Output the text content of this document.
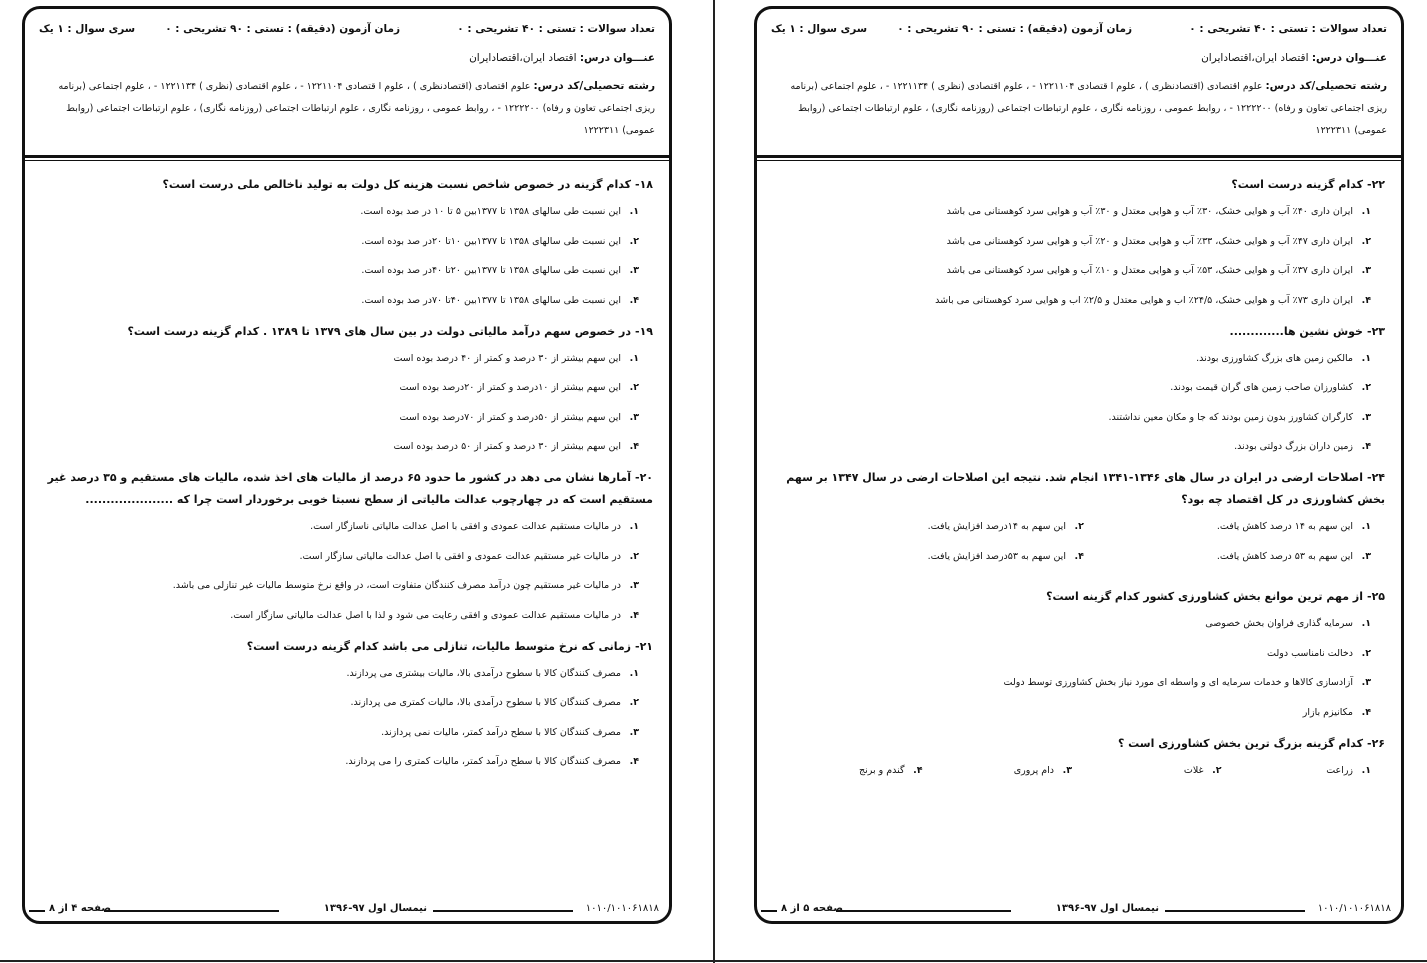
تعداد سوالات : تستی : ۴۰ تشریحی : ۰
زمان آزمون (دقیقه) : تستی : ۹۰ تشریحی : ۰
سری سوال : ۱ یک
عنـــوان درس: اقتصاد ایران،اقتصادایران
رشته تحصیلی/کد درس: علوم اقتصادی (اقتصادنظری ) ، علوم ا قتصادی ۱۲۲۱۱۰۴ - ، علوم اقتصادی (نظری ) ۱۲۲۱۱۳۴ - ، علوم اجتماعی (برنامه ریزی اجتماعی تعاون و رفاه) ۱۲۲۲۲۰۰ - ، روابط عمومی ، روزنامه نگاری ، علوم ارتباطات اجتماعی (روزنامه نگاری) ، علوم ارتباطات اجتماعی (روابط عمومی) ۱۲۲۲۳۱۱
۱۸-کدام گزینه در خصوص شاخص نسبت هزینه کل دولت به تولید ناخالص ملی درست است؟
۱.این نسبت طی سالهای ۱۳۵۸ تا ۱۳۷۷بین ۵ تا ۱۰ در صد بوده است.
۲.این نسبت طی سالهای ۱۳۵۸ تا ۱۳۷۷بین ۱۰تا ۲۰در صد بوده است.
۳.این نسبت طی سالهای ۱۳۵۸ تا ۱۳۷۷بین ۲۰تا ۴۰در صد بوده است.
۴.این نسبت طی سالهای ۱۳۵۸ تا ۱۳۷۷بین ۴۰تا ۷۰در صد بوده است.
۱۹-در خصوص سهم درآمد مالیاتی دولت در بین سال های ۱۳۷۹ تا ۱۳۸۹ . کدام گزینه درست است؟
۱.این سهم بیشتر از ۳۰ درصد و کمتر از ۴۰ درصد بوده است
۲.این سهم بیشتر از ۱۰درصد و کمتر از ۲۰درصد بوده است
۳.این سهم بیشتر از ۵۰درصد و کمتر از ۷۰درصد بوده است
۴.این سهم بیشتر از ۳۰ درصد و کمتر از ۵۰ درصد بوده است
۲۰-آمارها نشان می دهد در کشور ما حدود ۶۵ درصد از مالیات های اخذ شده، مالیات های مستقیم و ۳۵ درصد غیر مستقیم است که در چهارچوب عدالت مالیاتی از سطح نسبتا خوبی برخوردار است چرا که .....................
۱.در مالیات مستقیم عدالت عمودی و افقی با اصل عدالت مالیاتی ناسازگار است.
۲.در مالیات غیر مستقیم عدالت عمودی و افقی با اصل عدالت مالیاتی سازگار است.
۳.در مالیات غیر مستقیم چون درآمد مصرف کنندگان متفاوت است، در واقع نرخ متوسط مالیات غیر تنازلی می باشد.
۴.در مالیات مستقیم عدالت عمودی و افقی رعایت می شود و لذا با اصل عدالت مالیاتی سازگار است.
۲۱-زمانی که نرخ متوسط مالیات، تنازلی می باشد کدام گزینه درست است؟
۱.مصرف کنندگان کالا با سطوح درآمدی بالا، مالیات بیشتری می پردازند.
۲.مصرف کنندگان کالا با سطوح درآمدی بالا، مالیات کمتری می پردازند.
۳.مصرف کنندگان کالا با سطح درآمد کمتر، مالیات نمی پردازند.
۴.مصرف کنندگان کالا با سطح درآمد کمتر، مالیات کمتری را می پردازند.
۱۰۱۰/۱۰۱۰۶۱۸۱۸
نیمسال اول ۹۷-۱۳۹۶
صفحه ۴ از ۸
تعداد سوالات : تستی : ۴۰ تشریحی : ۰
زمان آزمون (دقیقه) : تستی : ۹۰ تشریحی : ۰
سری سوال : ۱ یک
عنـــوان درس: اقتصاد ایران،اقتصادایران
رشته تحصیلی/کد درس: علوم اقتصادی (اقتصادنظری ) ، علوم ا قتصادی ۱۲۲۱۱۰۴ - ، علوم اقتصادی (نظری ) ۱۲۲۱۱۳۴ - ، علوم اجتماعی (برنامه ریزی اجتماعی تعاون و رفاه) ۱۲۲۲۲۰۰ - ، روابط عمومی ، روزنامه نگاری ، علوم ارتباطات اجتماعی (روزنامه نگاری) ، علوم ارتباطات اجتماعی (روابط عمومی) ۱۲۲۲۳۱۱
۲۲-کدام گزینه درست است؟
۱.ایران داری ۴۰٪ آب و هوایی خشک، ۳۰٪ آب و هوایی معتدل و ۳۰٪ آب و هوایی سرد کوهستانی می باشد
۲.ایران داری ۴۷٪ آب و هوایی خشک، ۳۳٪ آب و هوایی معتدل و ۲۰٪ آب و هوایی سرد کوهستانی می باشد
۳.ایران داری ۳۷٪ آب و هوایی خشک، ۵۳٪ آب و هوایی معتدل و ۱۰٪ آب و هوایی سرد کوهستانی می باشد
۴.ایران داری ۷۳٪ آب و هوایی خشک، ۲۴/۵٪ اب و هوایی معتدل و ۲/۵٪ اب و هوایی سرد کوهستانی می باشد
۲۳-خوش نشین ها.............
۱.مالکین زمین های بزرگ کشاورزی بودند.
۲.کشاورزان صاحب زمین های گران قیمت بودند.
۳.کارگران کشاورز بدون زمین بودند که جا و مکان معین نداشتند.
۴.زمین داران بزرگ دولتی بودند.
۲۴-اصلاحات ارضی در ایران در سال های ۱۳۴۶-۱۳۴۱ انجام شد. نتیجه این اصلاحات ارضی در سال ۱۳۴۷ بر سهم بخش کشاورزی در کل اقتصاد چه بود؟
۱.این سهم به ۱۴ درصد کاهش یافت.
۲.این سهم به ۱۴درصد افزایش یافت.
۳.این سهم به ۵۳ درصد کاهش یافت.
۴.این سهم به ۵۳درصد افزایش یافت.
۲۵-از مهم ترین موانع بخش کشاورزی کشور کدام گزینه است؟
۱.سرمایه گذاری فراوان بخش خصوصی
۲.دخالت نامناسب دولت
۳.آزادسازی کالاها و خدمات سرمایه ای و واسطه ای مورد نیاز بخش کشاورزی توسط دولت
۴.مکانیزم بازار
۲۶-کدام گزینه بزرگ ترین بخش کشاورزی است ؟
۱.زراعت
۲.غلات
۳.دام پروری
۴.گندم و برنج
۱۰۱۰/۱۰۱۰۶۱۸۱۸
نیمسال اول ۹۷-۱۳۹۶
صفحه ۵ از ۸
